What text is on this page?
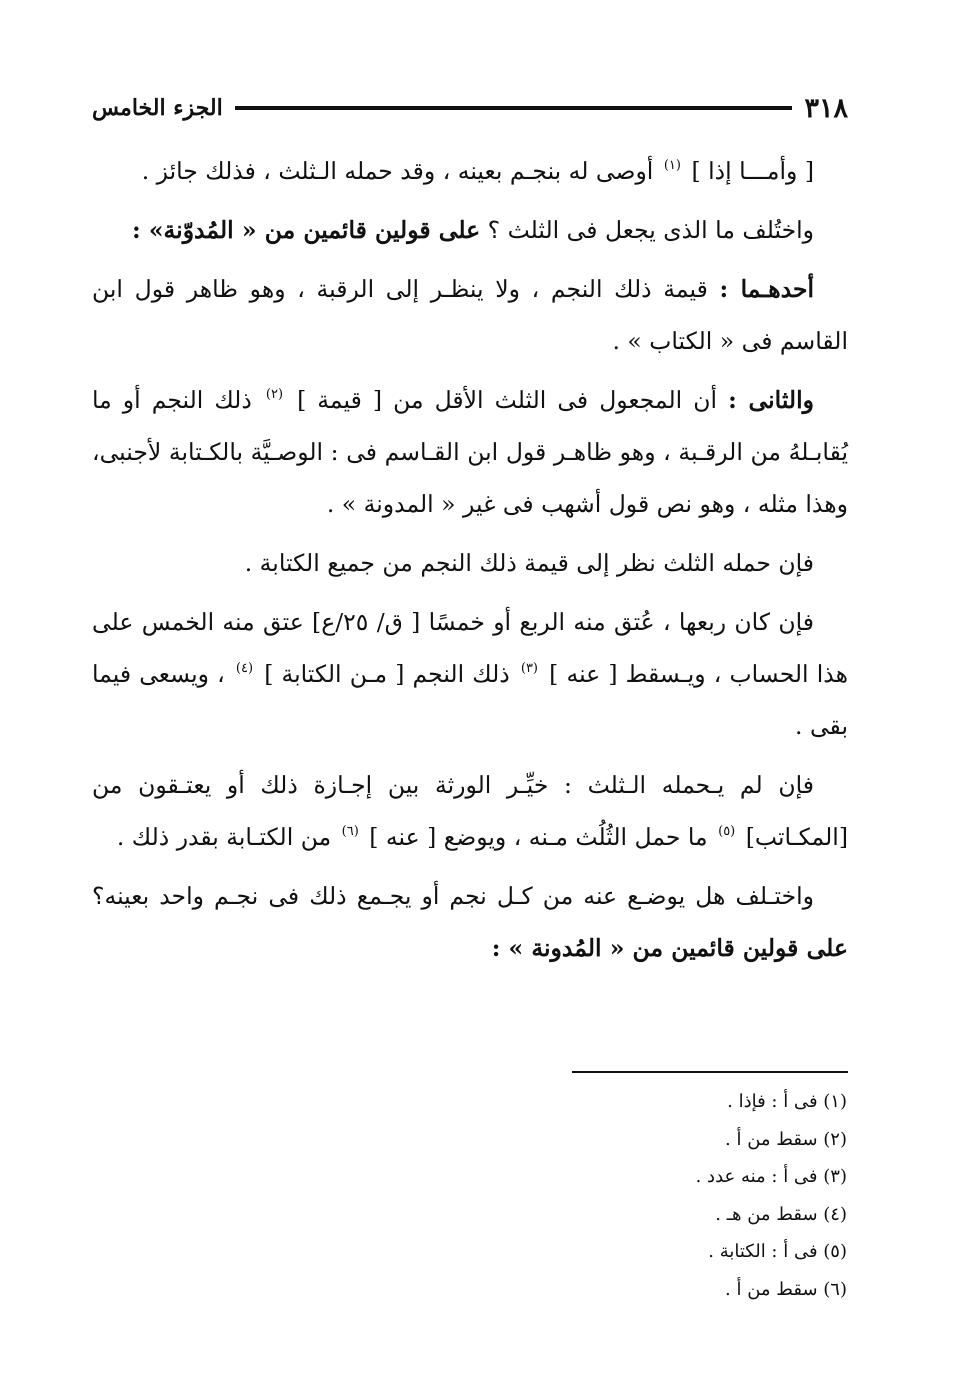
٣١٨
الجزء الخامس

[ وأمـــا إذا ] $^{(١)}$ أوصى له بنجـم بعينه ، وقد حمله الـثلث ، فذلك جائز .

واختُلف ما الذى يجعل فى الثلث ؟ على قولين قائمين من « المُدوّنة» :

أحدهـما : قيمة ذلك النجم ، ولا ينظـر إلى الرقبة ، وهو ظاهر قول ابن القاسم فى « الكتاب » .

والثانى : أن المجعول فى الثلث الأقل من [ قيمة ] $^{(٢)}$ ذلك النجم أو ما يُقابـلهُ من الرقـبة ، وهو ظاهـر قول ابن القـاسم فى : الوصـيَّة بالكـتابة لأجنبى، وهذا مثله ، وهو نص قول أشهب فى غير « المدونة » .

فإن حمله الثلث نظر إلى قيمة ذلك النجم من جميع الكتابة .

فإن كان ربعها ، عُتق منه الربع أو خمسًا [ ق/ ٢٥/ع] عتق منه الخمس على هذا الحساب ، ويـسقط [ عنه ] $^{(٣)}$ ذلك النجم [ مـن الكتابة ] $^{(٤)}$ ، ويسعى فيما بقى .

فإن لم يـحمله الـثلث : خيِّـر الورثة بين إجـازة ذلك أو يعتـقون من [المكـاتب] $^{(٥)}$ ما حمل الثُلُث مـنه ، ويوضع [ عنه ] $^{(٦)}$ من الكتـابة بقدر ذلك .

واختـلف هل يوضـع عنه من كـل نجم أو يجـمع ذلك فى نجـم واحد بعينه؟ على قولين قائمين من « المُدونة » :

(١) فى أ : فإذا .
(٢) سقط من أ .
(٣) فى أ : منه عدد .
(٤) سقط من هـ .
(٥) فى أ : الكتابة .
(٦) سقط من أ .
